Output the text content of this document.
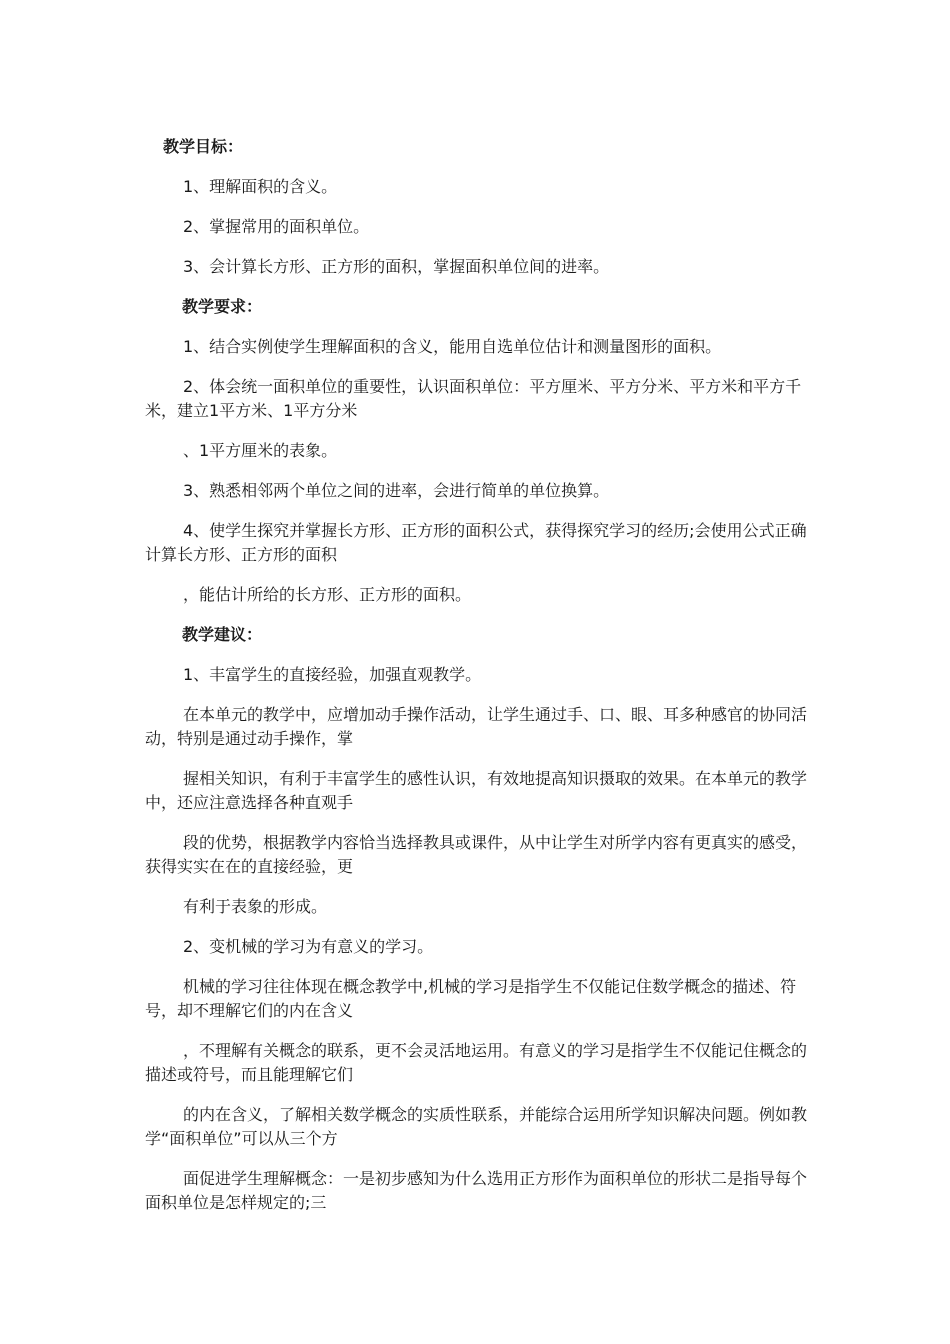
教学目标：

1、理解面积的含义。

2、掌握常用的面积单位。

3、会计算长方形、正方形的面积，掌握面积单位间的进率。

教学要求：

1、结合实例使学生理解面积的含义，能用自选单位估计和测量图形的面积。

2、体会统一面积单位的重要性，认识面积单位：平方厘米、平方分米、平方米和平方千米，建立1平方米、1平方分米

、1平方厘米的表象。

3、熟悉相邻两个单位之间的进率，会进行简单的单位换算。

4、使学生探究并掌握长方形、正方形的面积公式，获得探究学习的经历;会使用公式正确计算长方形、正方形的面积

，能估计所给的长方形、正方形的面积。

教学建议：

1、丰富学生的直接经验，加强直观教学。

在本单元的教学中，应增加动手操作活动，让学生通过手、口、眼、耳多种感官的协同活动，特别是通过动手操作，掌

握相关知识，有利于丰富学生的感性认识，有效地提高知识摄取的效果。在本单元的教学中，还应注意选择各种直观手

段的优势，根据教学内容恰当选择教具或课件，从中让学生对所学内容有更真实的感受，获得实实在在的直接经验，更

有利于表象的形成。

2、变机械的学习为有意义的学习。

机械的学习往往体现在概念教学中,机械的学习是指学生不仅能记住数学概念的描述、符号，却不理解它们的内在含义

，不理解有关概念的联系，更不会灵活地运用。有意义的学习是指学生不仅能记住概念的描述或符号，而且能理解它们

的内在含义，了解相关数学概念的实质性联系，并能综合运用所学知识解决问题。例如教学“面积单位”可以从三个方

面促进学生理解概念：一是初步感知为什么选用正方形作为面积单位的形状二是指导每个面积单位是怎样规定的;三
